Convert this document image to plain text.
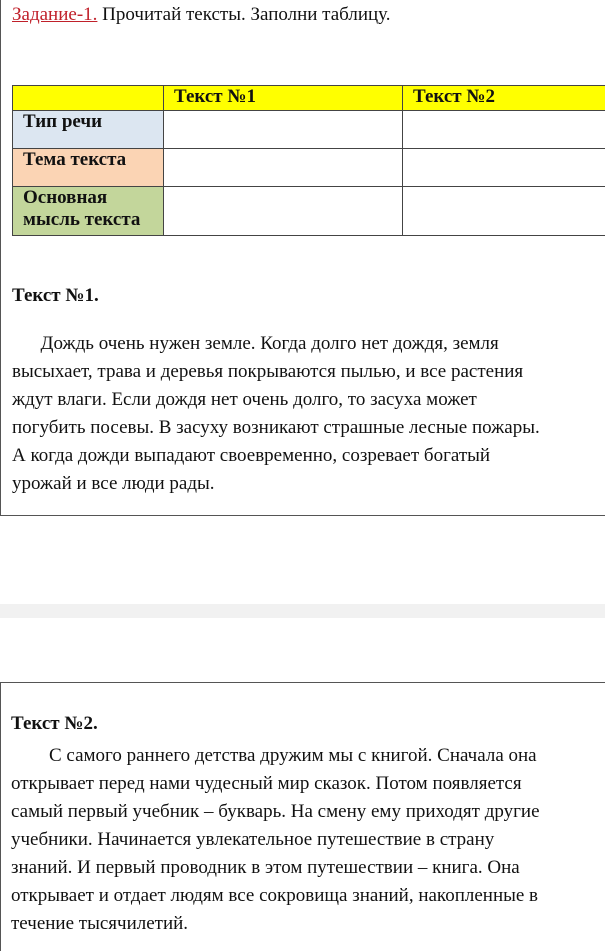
Задание-1. Прочитай тексты. Заполни таблицу.
	Текст №1	Текст №2
Тип речи		
Тема текста		

Основная
мысль текста		

Текст №1.
Дождь очень нужен земле. Когда долго нет дождя, земля
высыхает, трава и деревья покрываются пылью, и все растения
ждут влаги. Если дождя нет очень долго, то засуха может
погубить посевы. В засуху возникают страшные лесные пожары.
А когда дожди выпадают своевременно, созревает богатый
урожай и все люди рады.
Текст №2.
С самого раннего детства дружим мы с книгой. Сначала она
открывает перед нами чудесный мир сказок. Потом появляется
самый первый учебник – букварь. На смену ему приходят другие
учебники. Начинается увлекательное путешествие в страну
знаний. И первый проводник в этом путешествии – книга. Она
открывает и отдает людям все сокровища знаний, накопленные в
течение тысячилетий.
